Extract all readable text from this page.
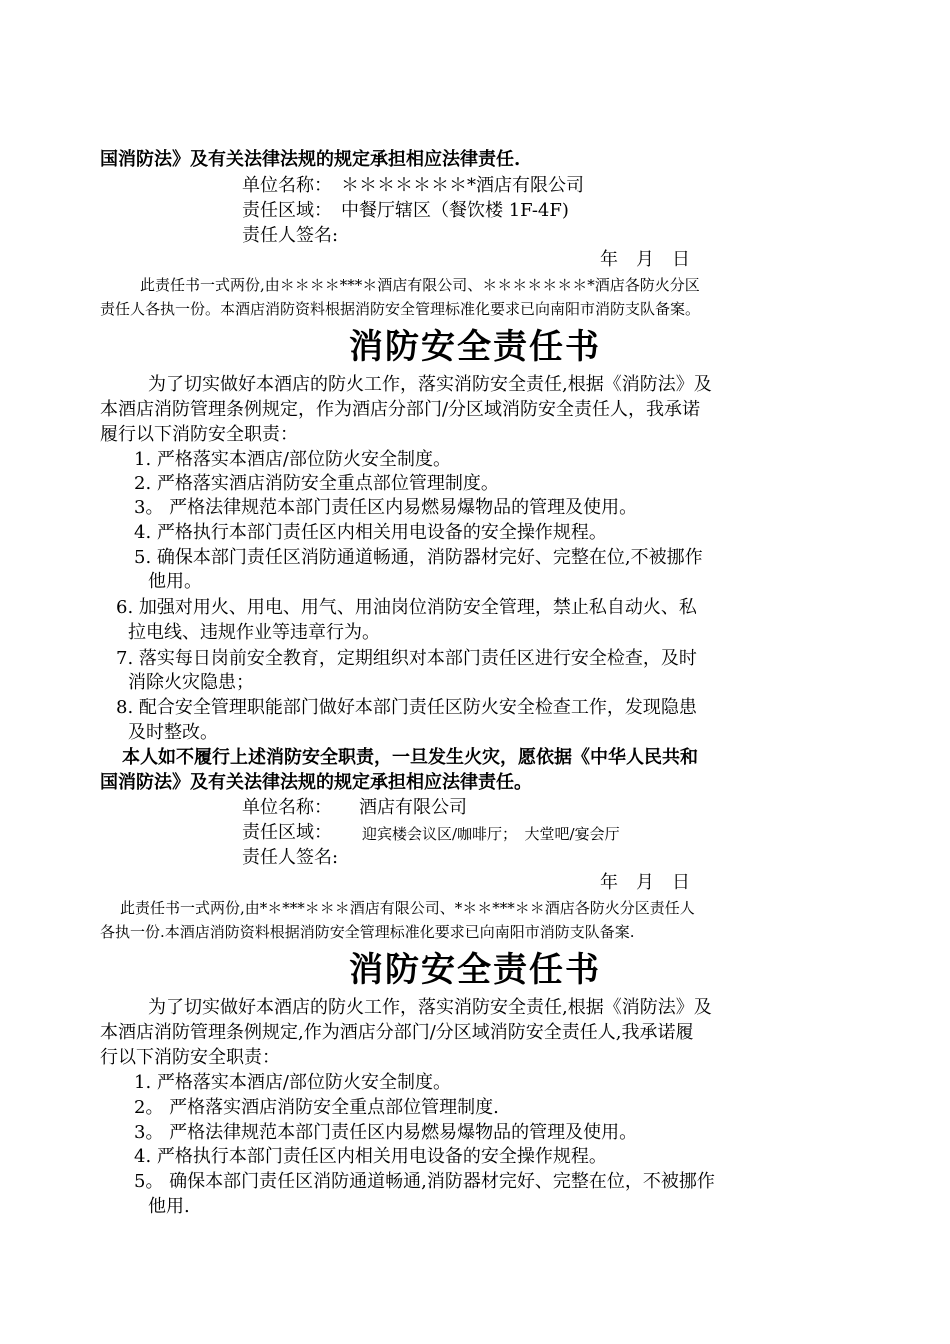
国消防法》及有关法律法规的规定承担相应法律责任.
单位名称：　＊＊＊＊＊＊＊*酒店有限公司
责任区域：　中餐厅辖区（餐饮楼 1F-4F)
责任人签名:
年　月　日
此责任书一式两份,由＊＊＊＊***＊酒店有限公司、＊＊＊＊＊＊＊*酒店各防火分区
责任人各执一份。本酒店消防资料根据消防安全管理标准化要求已向南阳市消防支队备案。
消防安全责任书
为了切实做好本酒店的防火工作，落实消防安全责任,根据《消防法》及
本酒店消防管理条例规定，作为酒店分部门/分区域消防安全责任人，我承诺
履行以下消防安全职责：
1. 严格落实本酒店/部位防火安全制度。
2. 严格落实酒店消防安全重点部位管理制度。
3。 严格法律规范本部门责任区内易燃易爆物品的管理及使用。
4. 严格执行本部门责任区内相关用电设备的安全操作规程。
5. 确保本部门责任区消防通道畅通，消防器材完好、完整在位,不被挪作
他用。
6. 加强对用火、用电、用气、用油岗位消防安全管理，禁止私自动火、私
拉电线、违规作业等违章行为。
7. 落实每日岗前安全教育，定期组织对本部门责任区进行安全检查，及时
消除火灾隐患；
8. 配合安全管理职能部门做好本部门责任区防火安全检查工作，发现隐患
及时整改。
本人如不履行上述消防安全职责，一旦发生火灾，愿依据《中华人民共和
国消防法》及有关法律法规的规定承担相应法律责任。
单位名称：　　酒店有限公司
责任区域： 迎宾楼会议区/咖啡厅；　大堂吧/宴会厅
责任人签名:
年　月　日
此责任书一式两份,由*＊***＊＊＊酒店有限公司、*＊＊***＊＊酒店各防火分区责任人
各执一份.本酒店消防资料根据消防安全管理标准化要求已向南阳市消防支队备案.
消防安全责任书
为了切实做好本酒店的防火工作，落实消防安全责任,根据《消防法》及
本酒店消防管理条例规定,作为酒店分部门/分区域消防安全责任人,我承诺履
行以下消防安全职责：
1. 严格落实本酒店/部位防火安全制度。
2。 严格落实酒店消防安全重点部位管理制度.
3。 严格法律规范本部门责任区内易燃易爆物品的管理及使用。
4. 严格执行本部门责任区内相关用电设备的安全操作规程。
5。 确保本部门责任区消防通道畅通,消防器材完好、完整在位，不被挪作
他用.
